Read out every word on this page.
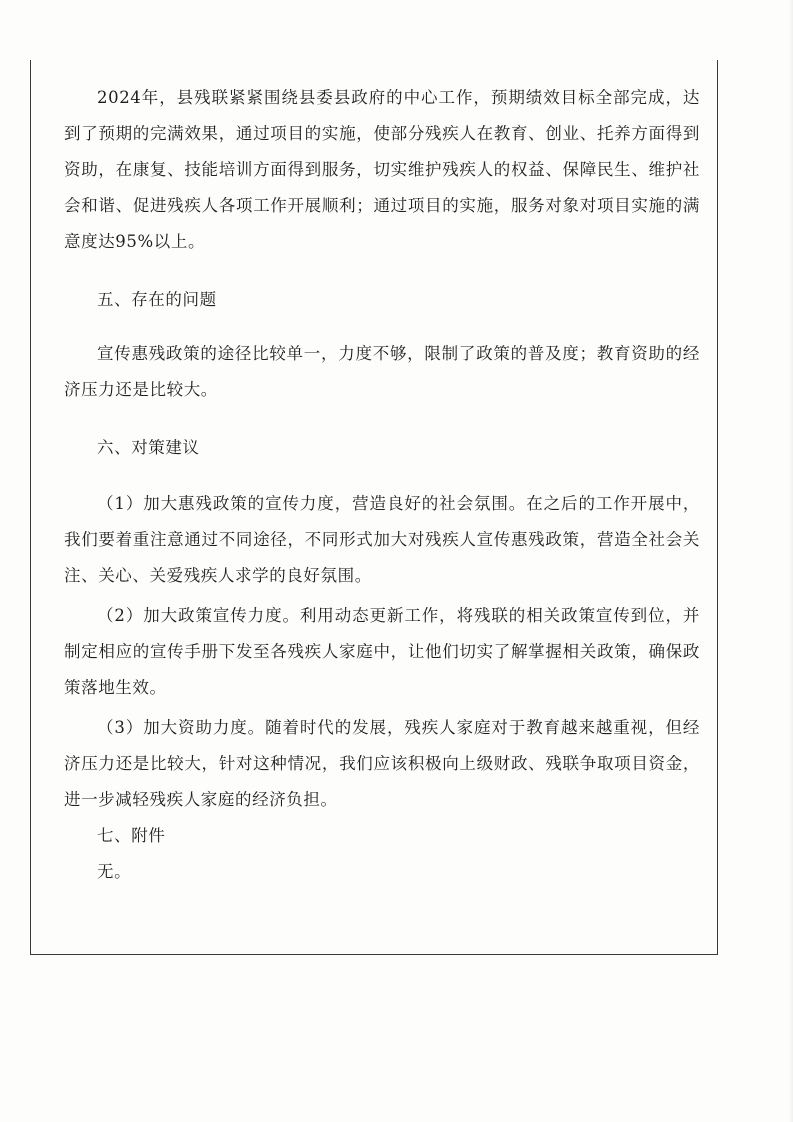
2024年，县残联紧紧围绕县委县政府的中心工作，预期绩效目标全部完成，达到了预期的完满效果，通过项目的实施，使部分残疾人在教育、创业、托养方面得到资助，在康复、技能培训方面得到服务，切实维护残疾人的权益、保障民生、维护社会和谐、促进残疾人各项工作开展顺利；通过项目的实施，服务对象对项目实施的满意度达95%以上。

五、存在的问题

宣传惠残政策的途径比较单一，力度不够，限制了政策的普及度；教育资助的经济压力还是比较大。

六、对策建议

（1）加大惠残政策的宣传力度，营造良好的社会氛围。在之后的工作开展中，我们要着重注意通过不同途径，不同形式加大对残疾人宣传惠残政策，营造全社会关注、关心、关爱残疾人求学的良好氛围。

（2）加大政策宣传力度。利用动态更新工作，将残联的相关政策宣传到位，并制定相应的宣传手册下发至各残疾人家庭中，让他们切实了解掌握相关政策，确保政策落地生效。

（3）加大资助力度。随着时代的发展，残疾人家庭对于教育越来越重视，但经济压力还是比较大，针对这种情况，我们应该积极向上级财政、残联争取项目资金，进一步减轻残疾人家庭的经济负担。

七、附件

无。
